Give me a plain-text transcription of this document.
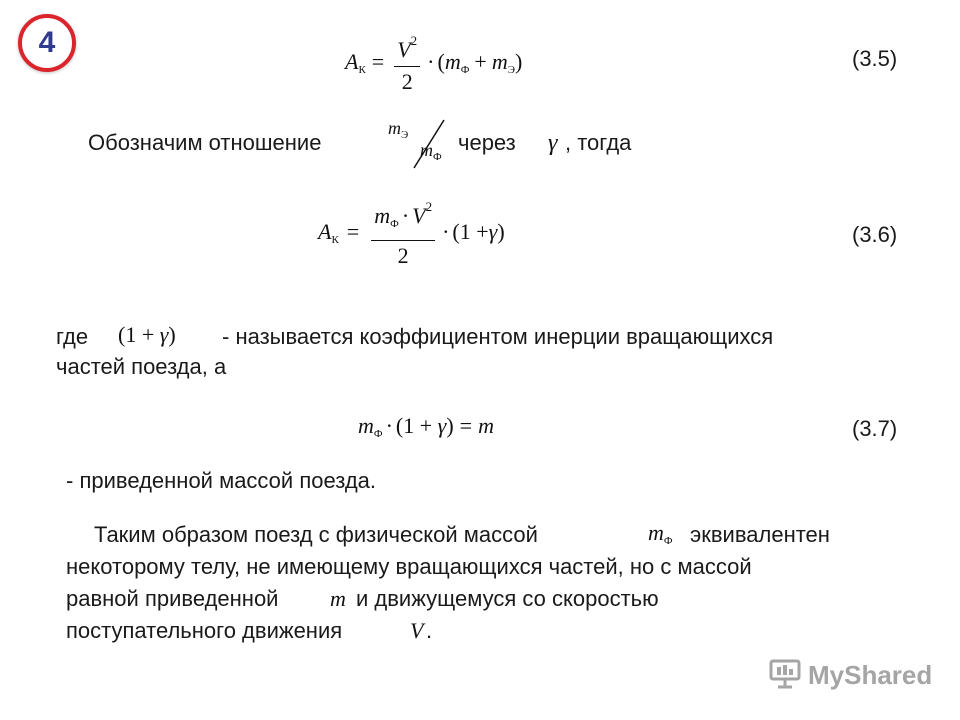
4
$A_К = \frac{V^2}{2}$ · ( $m_Ф + m_Э$ )	(3.5)
Обозначим отношение
$m_Э$
$m_Ф$
через γ , тогда
$A_К = \frac{m_Ф \cdot V^2}{2} \cdot (1 + \gamma$ )	(3.6)
где (1 + γ) - называется коэффициентом инерции вращающихся
частей поезда, а
$m_Ф \cdot (1 + \gamma) = m$	(3.7)
- приведенной массой поезда.
Таким образом поезд с физической массой	$m_Ф$ эквивалентен
некоторому телу, не имеющему вращающихся частей, но с массой
равной приведенной m и движущемуся со скоростью
поступательного движения	V .
MyShared
